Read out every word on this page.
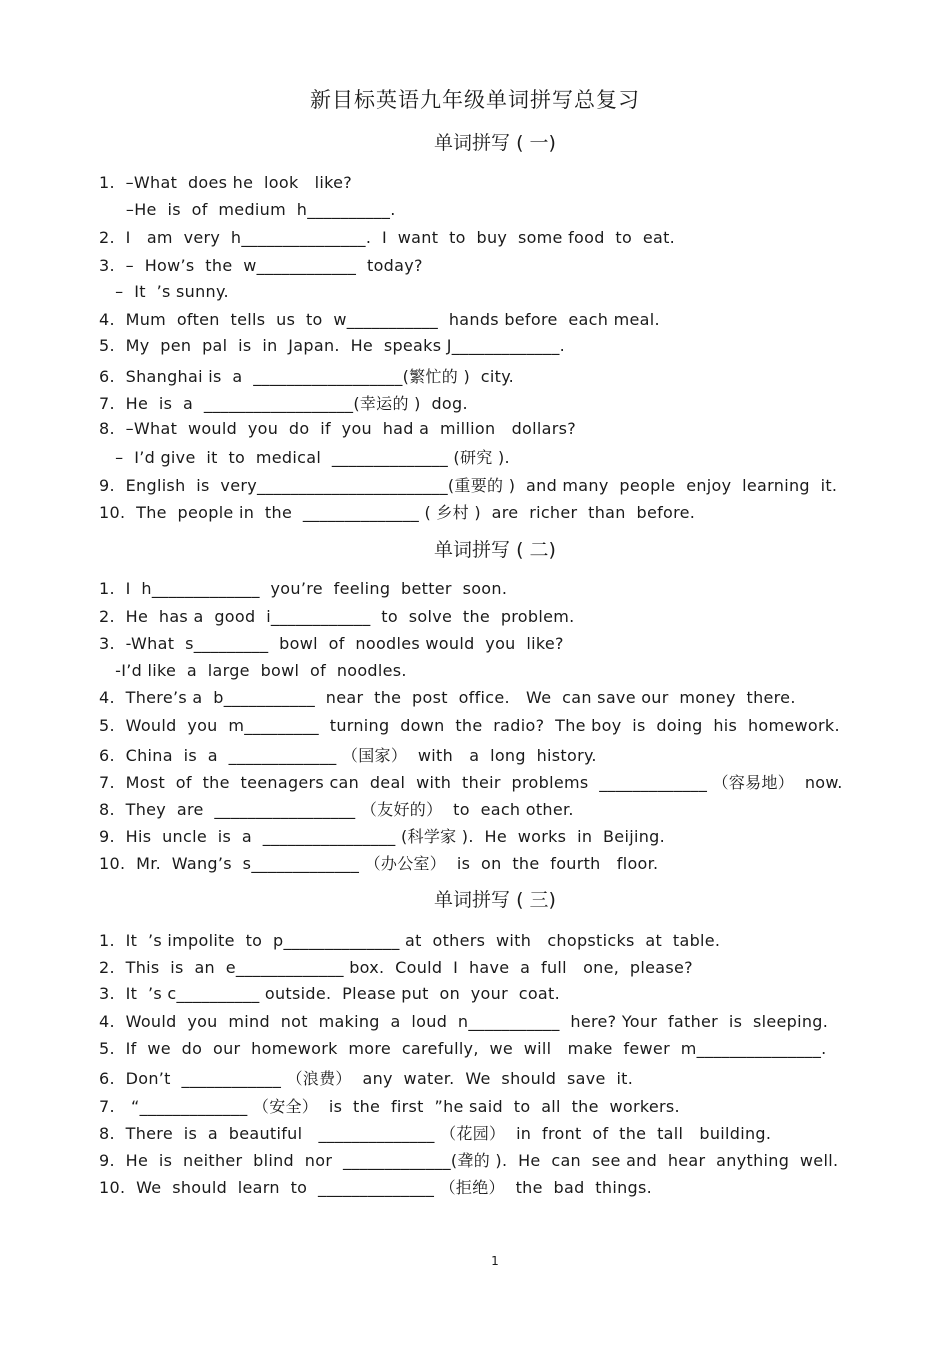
新目标英语九年级单词拼写总复习
单词拼写 ( 一)
1.  –What  does he  look   like?
–He  is  of  medium  h__________.
2.  I   am  very  h_______________.  I  want  to  buy  some food  to  eat.
3.  –  How’s  the  w____________  today?
–  It  ’s sunny.
4.  Mum  often  tells  us  to  w___________  hands before  each meal.
5.  My  pen  pal  is  in  Japan.  He  speaks J_____________.
6.  Shanghai is  a  __________________(繁忙的 )  city.
7.  He  is  a  __________________(幸运的 )  dog.
8.  –What  would  you  do  if  you  had a  million   dollars?
–  I’d give  it  to  medical  ______________ (研究 ).
9.  English  is  very_______________________(重要的 )  and many  people  enjoy  learning  it.
10.  The  people in  the  ______________ ( 乡村 )  are  richer  than  before.
单词拼写 ( 二)
1.  I  h_____________  you’re  feeling  better  soon.
2.  He  has a  good  i____________  to  solve  the  problem.
3.  -What  s_________  bowl  of  noodles would  you  like?
-I’d like  a  large  bowl  of  noodles.
4.  There’s a  b___________  near  the  post  office.   We  can save our  money  there.
5.  Would  you  m_________  turning  down  the  radio?  The boy  is  doing  his  homework.
6.  China  is  a  _____________ （国家）  with   a  long  history.
7.  Most  of  the  teenagers can  deal  with  their  problems  _____________ （容易地）  now.
8.  They  are  _________________ （友好的）  to  each other.
9.  His  uncle  is  a  ________________ (科学家 ).  He  works  in  Beijing.
10.  Mr.  Wang’s  s_____________ （办公室）  is  on  the  fourth   floor.
单词拼写 ( 三)
1.  It  ’s impolite  to  p______________ at  others  with   chopsticks  at  table.
2.  This  is  an  e_____________ box.  Could  I  have  a  full   one,  please?
3.  It  ’s c__________ outside.  Please put  on  your  coat.
4.  Would  you  mind  not  making  a  loud  n___________  here? Your  father  is  sleeping.
5.  If  we  do  our  homework  more  carefully,  we  will   make  fewer  m_______________.
6.  Don’t  ____________ （浪费）  any  water.  We  should  save  it.
7.   “_____________ （安全）  is  the  first  ”he said  to  all  the  workers.
8.  There  is  a  beautiful   ______________ （花园）  in  front  of  the  tall   building.
9.  He  is  neither  blind  nor  _____________(聋的 ).  He  can  see and  hear  anything  well.
10.  We  should  learn  to  ______________ （拒绝）  the  bad  things.
1
